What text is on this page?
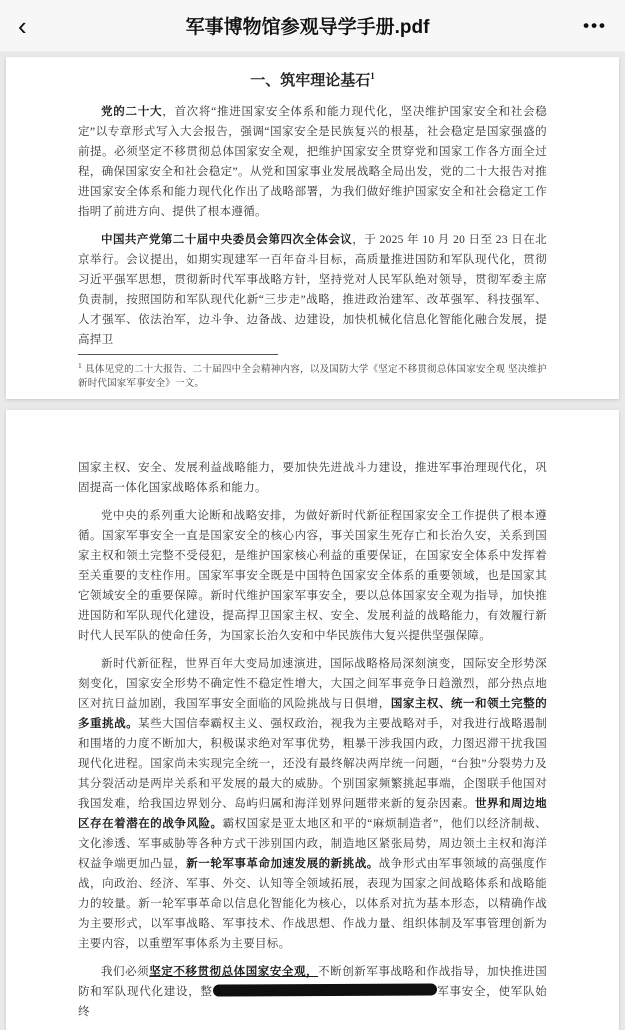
‹	军事博物馆参观导学手册.pdf	•••
一、筑牢理论基石$^1$

党的二十大，首次将“推进国家安全体系和能力现代化，坚决维护国家安全和社会稳定”以专章形式写入大会报告，强调“国家安全是民族复兴的根基，社会稳定是国家强盛的前提。必须坚定不移贯彻总体国家安全观，把维护国家安全贯穿党和国家工作各方面全过程，确保国家安全和社会稳定”。从党和国家事业发展战略全局出发，党的二十大报告对推进国家安全体系和能力现代化作出了战略部署，为我们做好维护国家安全和社会稳定工作指明了前进方向、提供了根本遵循。

中国共产党第二十届中央委员会第四次全体会议，于 2025 年 10 月 20 日至 23 日在北京举行。会议提出，如期实现建军一百年奋斗目标，高质量推进国防和军队现代化，贯彻习近平强军思想，贯彻新时代军事战略方针，坚持党对人民军队绝对领导，贯彻军委主席负责制，按照国防和军队现代化新“三步走”战略，推进政治建军、改革强军、科技强军、人才强军、依法治军，边斗争、边备战、边建设，加快机械化信息化智能化融合发展，提高捍卫

$^1$ 具体见党的二十大报告、二十届四中全会精神内容，以及国防大学《坚定不移贯彻总体国家安全观 坚决维护新时代国家军事安全》一文。

国家主权、安全、发展利益战略能力，要加快先进战斗力建设，推进军事治理现代化，巩固提高一体化国家战略体系和能力。

党中央的系列重大论断和战略安排，为做好新时代新征程国家安全工作提供了根本遵循。国家军事安全一直是国家安全的核心内容，事关国家生死存亡和长治久安，关系到国家主权和领土完整不受侵犯，是维护国家核心利益的重要保证，在国家安全体系中发挥着至关重要的支柱作用。国家军事安全既是中国特色国家安全体系的重要领域，也是国家其它领域安全的重要保障。新时代维护国家军事安全，要以总体国家安全观为指导，加快推进国防和军队现代化建设，提高捍卫国家主权、安全、发展利益的战略能力，有效履行新时代人民军队的使命任务，为国家长治久安和中华民族伟大复兴提供坚强保障。

新时代新征程，世界百年大变局加速演进，国际战略格局深刻演变，国际安全形势深刻变化，国家安全形势不确定性不稳定性增大，大国之间军事竞争日趋激烈，部分热点地区对抗日益加剧，我国军事安全面临的风险挑战与日俱增，国家主权、统一和领土完整的多重挑战。某些大国信奉霸权主义、强权政治，视我为主要战略对手，对我进行战略遏制和围堵的力度不断加大，积极谋求绝对军事优势，粗暴干涉我国内政，力图迟滞干扰我国现代化进程。国家尚未实现完全统一，还没有最终解决两岸统一问题，“台独”分裂势力及其分裂活动是两岸关系和平发展的最大的威胁。个别国家频繁挑起事端，企图联手他国对我国发难，给我国边界划分、岛屿归属和海洋划界问题带来新的复杂因素。世界和周边地区存在着潜在的战争风险。霸权国家是亚太地区和平的“麻烦制造者”，他们以经济制裁、文化渗透、军事威胁等各种方式干涉别国内政，制造地区紧张局势，周边领土主权和海洋权益争端更加凸显，新一轮军事革命加速发展的新挑战。战争形式由军事领域的高强度作战，向政治、经济、军事、外交、认知等全领域拓展，表现为国家之间战略体系和战略能力的较量。新一轮军事革命以信息化智能化为核心，以体系对抗为基本形态，以精确作战为主要形式，以军事战略、军事技术、作战思想、作战力量、组织体制及军事管理创新为主要内容，以重塑军事体系为主要目标。

我们必须坚定不移贯彻总体国家安全观，不断创新军事战略和作战指导，加快推进国防和军队现代化建设，整	军事安全，使军队始终
